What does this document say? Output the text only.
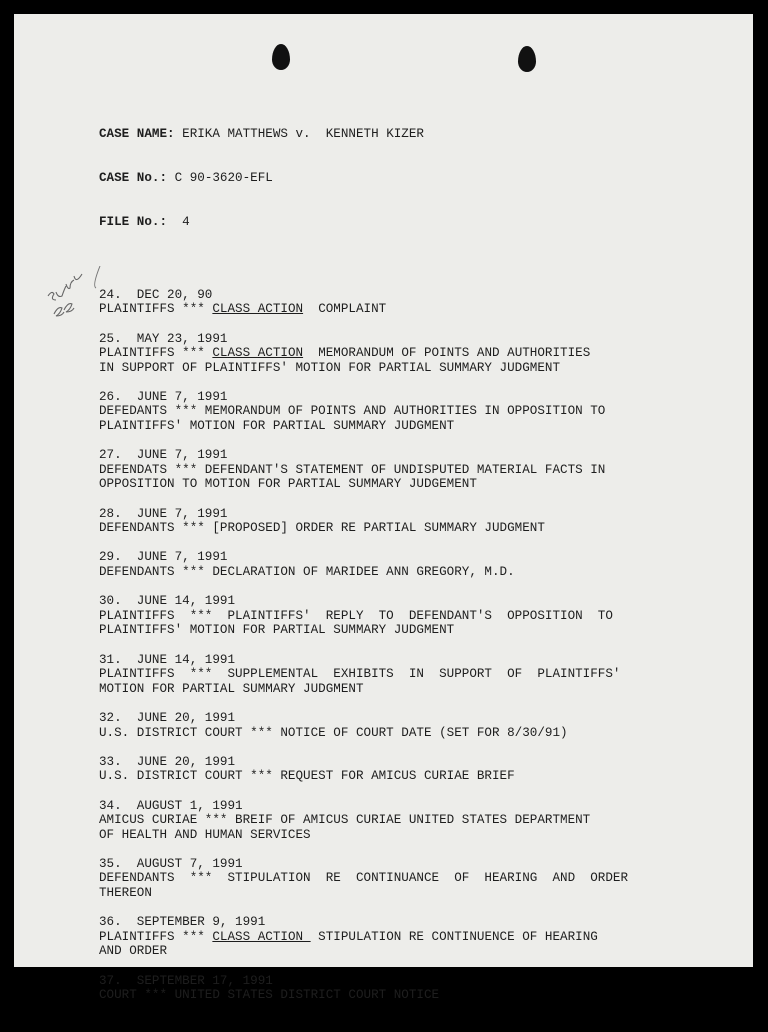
CASE NAME: ERIKA MATTHEWS v.  KENNETH KIZER

CASE No.: C 90-3620-EFL

FILE No.:  4

24.  DEC 20, 90
PLAINTIFFS *** CLASS ACTION  COMPLAINT
25.  MAY 23, 1991
PLAINTIFFS *** CLASS ACTION  MEMORANDUM OF POINTS AND AUTHORITIES
IN SUPPORT OF PLAINTIFFS' MOTION FOR PARTIAL SUMMARY JUDGMENT
26.  JUNE 7, 1991
DEFEDANTS *** MEMORANDUM OF POINTS AND AUTHORITIES IN OPPOSITION TO
PLAINTIFFS' MOTION FOR PARTIAL SUMMARY JUDGMENT
27.  JUNE 7, 1991
DEFENDATS *** DEFENDANT'S STATEMENT OF UNDISPUTED MATERIAL FACTS IN
OPPOSITION TO MOTION FOR PARTIAL SUMMARY JUDGEMENT
28.  JUNE 7, 1991
DEFENDANTS *** [PROPOSED] ORDER RE PARTIAL SUMMARY JUDGMENT
29.  JUNE 7, 1991
DEFENDANTS *** DECLARATION OF MARIDEE ANN GREGORY, M.D.
30.  JUNE 14, 1991
PLAINTIFFS  ***  PLAINTIFFS'  REPLY  TO  DEFENDANT'S  OPPOSITION  TO
PLAINTIFFS' MOTION FOR PARTIAL SUMMARY JUDGMENT
31.  JUNE 14, 1991
PLAINTIFFS  ***  SUPPLEMENTAL  EXHIBITS  IN  SUPPORT  OF  PLAINTIFFS'
MOTION FOR PARTIAL SUMMARY JUDGMENT
32.  JUNE 20, 1991
U.S. DISTRICT COURT *** NOTICE OF COURT DATE (SET FOR 8/30/91)
33.  JUNE 20, 1991
U.S. DISTRICT COURT *** REQUEST FOR AMICUS CURIAE BRIEF
34.  AUGUST 1, 1991
AMICUS CURIAE *** BREIF OF AMICUS CURIAE UNITED STATES DEPARTMENT
OF HEALTH AND HUMAN SERVICES
35.  AUGUST 7, 1991
DEFENDANTS  ***  STIPULATION  RE  CONTINUANCE  OF  HEARING  AND  ORDER
THEREON
36.  SEPTEMBER 9, 1991
PLAINTIFFS *** CLASS ACTION  STIPULATION RE CONTINUENCE OF HEARING
AND ORDER
37.  SEPTEMBER 17, 1991
COURT *** UNITED STATES DISTRICT COURT NOTICE
